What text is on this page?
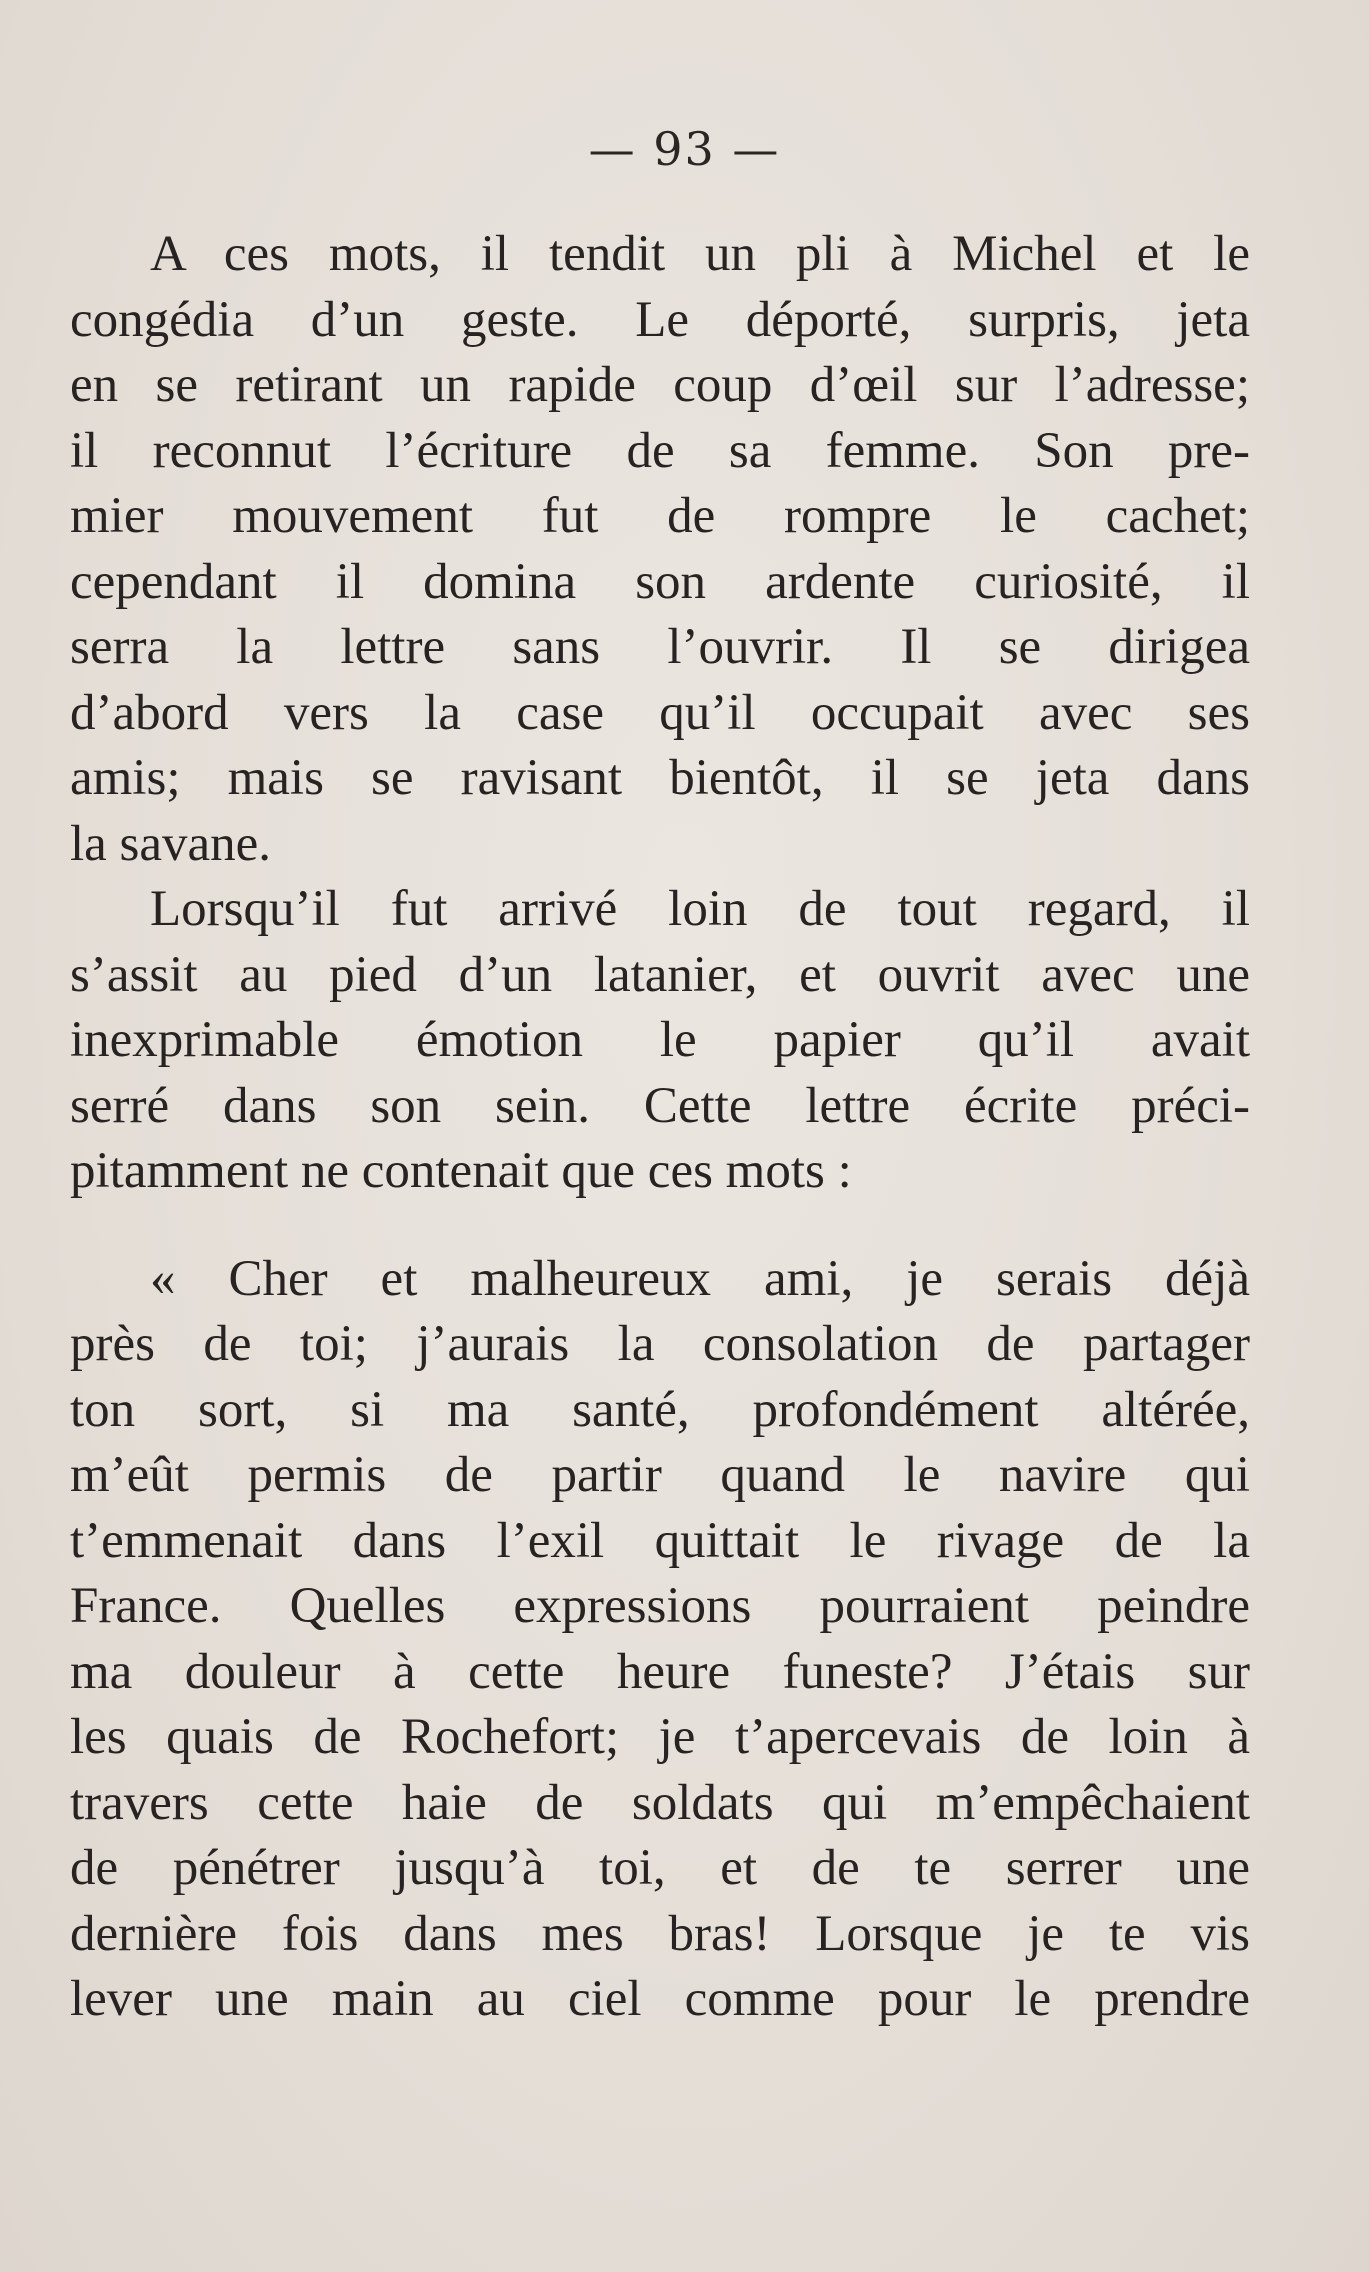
— 93 —
A ces mots, il tendit un pli à Michel et le
congédia d’un geste. Le déporté, surpris, jeta
en se retirant un rapide coup d’œil sur l’adresse;
il reconnut l’écriture de sa femme. Son pre-
mier mouvement fut de rompre le cachet;
cependant il domina son ardente curiosité, il
serra la lettre sans l’ouvrir. Il se dirigea
d’abord vers la case qu’il occupait avec ses
amis; mais se ravisant bientôt, il se jeta dans
la savane.
Lorsqu’il fut arrivé loin de tout regard, il
s’assit au pied d’un latanier, et ouvrit avec une
inexprimable émotion le papier qu’il avait
serré dans son sein. Cette lettre écrite préci-
pitamment ne contenait que ces mots :
« Cher et malheureux ami, je serais déjà
près de toi; j’aurais la consolation de partager
ton sort, si ma santé, profondément altérée,
m’eût permis de partir quand le navire qui
t’emmenait dans l’exil quittait le rivage de la
France. Quelles expressions pourraient peindre
ma douleur à cette heure funeste? J’étais sur
les quais de Rochefort; je t’apercevais de loin à
travers cette haie de soldats qui m’empêchaient
de pénétrer jusqu’à toi, et de te serrer une
dernière fois dans mes bras! Lorsque je te vis
lever une main au ciel comme pour le prendre
